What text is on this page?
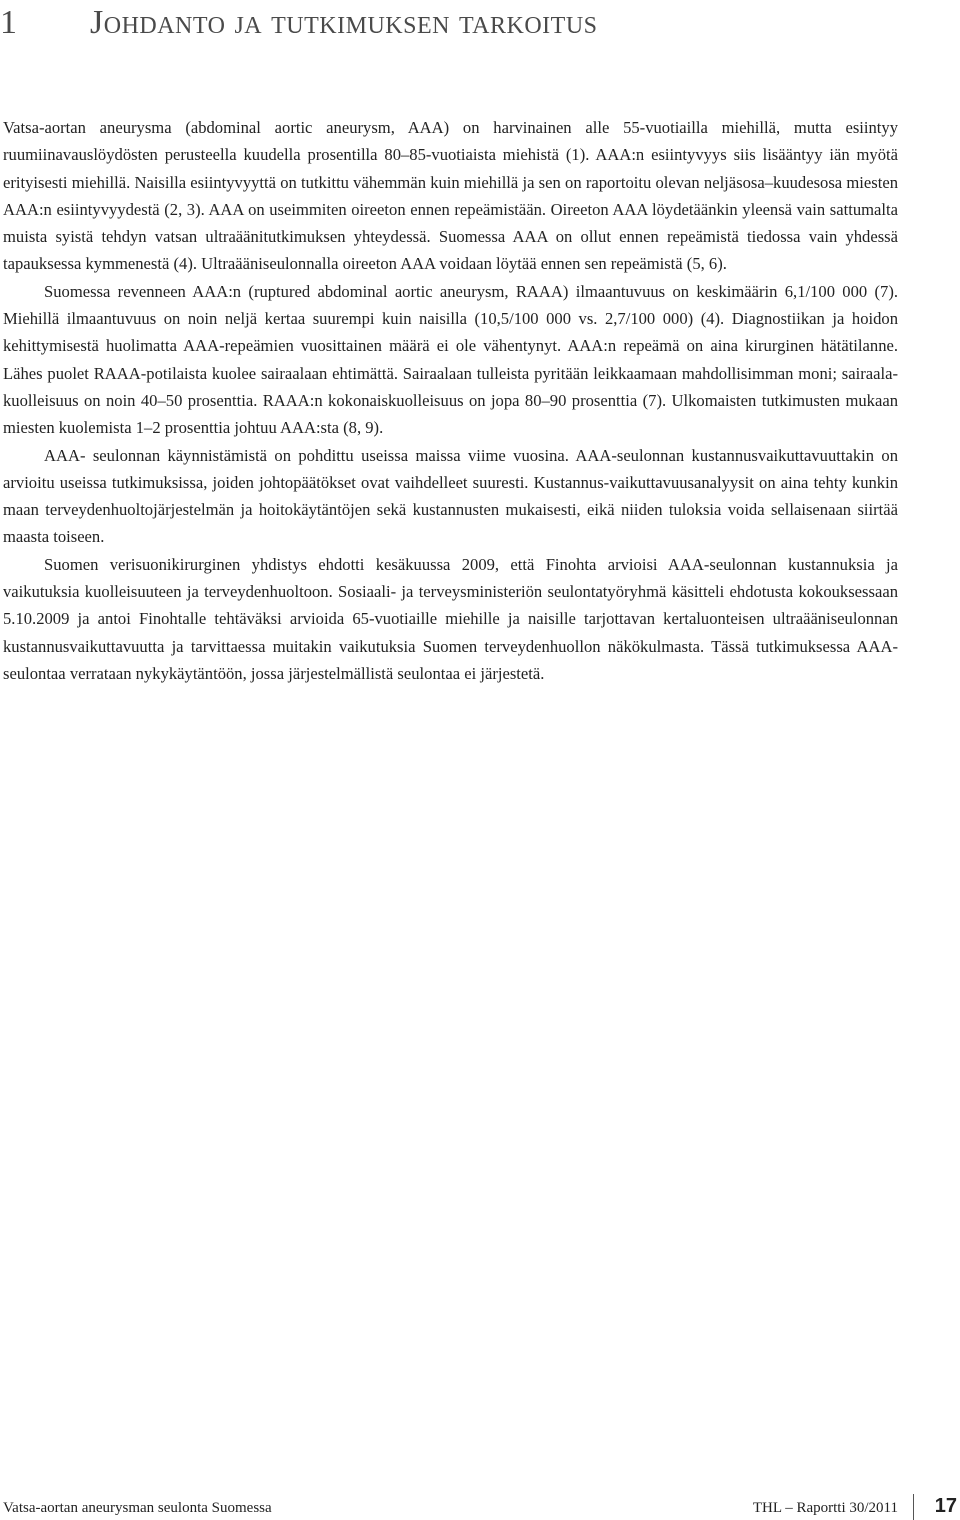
1 Johdanto ja tutkimuksen tarkoitus

Vatsa-aortan aneurysma (abdominal aortic aneurysm, AAA) on harvinainen alle 55-vuotiailla miehillä, mutta esiintyy ruumiinavauslöydösten perusteella kuudella prosentilla 80–85-vuotiaista miehistä (1). AAA:n esiintyvyys siis lisääntyy iän myötä erityisesti miehillä. Naisilla esiintyvyyttä on tutkittu vähemmän kuin miehillä ja sen on raportoitu olevan neljäsosa–kuudesosa miesten AAA:n esiintyvyydestä (2, 3). AAA on useimmiten oireeton ennen repeämistään. Oireeton AAA löydetäänkin yleensä vain sattumalta muista syistä tehdyn vatsan ultraäänitutkimuksen yhteydessä. Suomessa AAA on ollut ennen repeämistä tiedossa vain yhdessä tapauksessa kymmenestä (4). Ultraääniseulonnalla oireeton AAA voidaan löytää ennen sen repeämistä (5, 6).

Suomessa revenneen AAA:n (ruptured abdominal aortic aneurysm, RAAA) ilmaantuvuus on keskimäärin 6,1/100 000 (7). Miehillä ilmaantuvuus on noin neljä kertaa suurempi kuin naisilla (10,5/100 000 vs. 2,7/100 000) (4). Diagnostiikan ja hoidon kehittymisestä huolimatta AAA-repeämien vuosittainen määrä ei ole vähentynyt. AAA:n repeämä on aina kirurginen hätätilanne. Lähes puolet RAAA-potilaista kuolee sairaalaan ehtimättä. Sairaalaan tulleista pyritään leikkaamaan mahdollisimman moni; sairaalakuolleisuus on noin 40–50 prosenttia. RAAA:n kokonaiskuolleisuus on jopa 80–90 prosenttia (7). Ulkomaisten tutkimusten mukaan miesten kuolemista 1–2 prosenttia johtuu AAA:sta (8, 9).

AAA- seulonnan käynnistämistä on pohdittu useissa maissa viime vuosina. AAA-seulonnan kustannusvaikuttavuuttakin on arvioitu useissa tutkimuksissa, joiden johtopäätökset ovat vaihdelleet suuresti. Kustannus-vaikuttavuusanalyysit on aina tehty kunkin maan terveydenhuoltojärjestelmän ja hoitokäytäntöjen sekä kustannusten mukaisesti, eikä niiden tuloksia voida sellaisenaan siirtää maasta toiseen.

Suomen verisuonikirurginen yhdistys ehdotti kesäkuussa 2009, että Finohta arvioisi AAA-seulonnan kustannuksia ja vaikutuksia kuolleisuuteen ja terveydenhuoltoon. Sosiaali- ja terveysministeriön seulontatyöryhmä käsitteli ehdotusta kokouksessaan 5.10.2009 ja antoi Finohtalle tehtäväksi arvioida 65-vuotiaille miehille ja naisille tarjottavan kertaluonteisen ultraääniseulonnan kustannusvaikuttavuutta ja tarvittaessa muitakin vaikutuksia Suomen terveydenhuollon näkökulmasta. Tässä tutkimuksessa AAA-seulontaa verrataan nykykäytäntöön, jossa järjestelmällistä seulontaa ei järjestetä.

Vatsa-aortan aneurysman seulonta Suomessa	THL – Raportti 30/2011 17
